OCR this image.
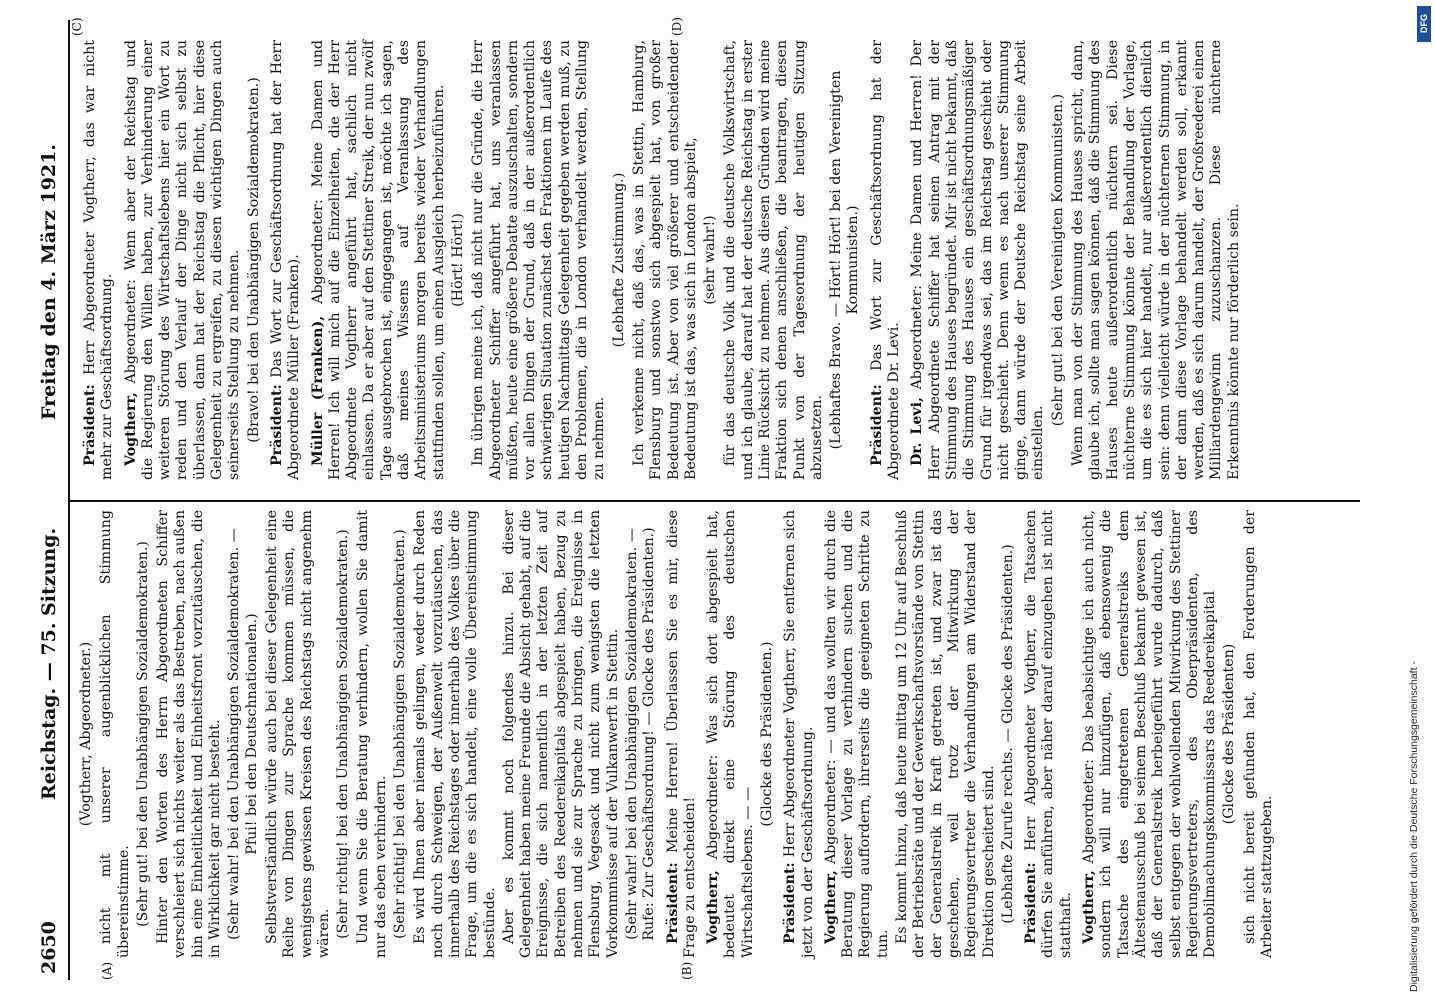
2650
Reichstag. — 75. Sitzung.
Freitag den 4. März 1921.
(A)	(B)
(C)	(D)

(Vogtherr, Abgeordneter.) nicht mit unserer augenblicklichen Stimmung übereinstimme. (Sehr gut! bei den Unabhängigen Sozialdemokraten.) Hinter den Worten des Herrn Abgeordneten Schiffer verschleiert sich nichts weiter als das Bestreben, nach außen hin eine Einheitlichkeit und Einheitsfront vorzutäuschen, die in Wirklichkeit gar nicht besteht. (Sehr wahr! bei den Unabhängigen Sozialdemokraten. — Pfui! bei den Deutschnationalen.) Selbstverständlich würde auch bei dieser Gelegenheit eine Reihe von Dingen zur Sprache kommen müssen, die wenigstens gewissen Kreisen des Reichstags nicht angenehm wären. (Sehr richtig! bei den Unabhängigen Sozialdemokraten.) Und wenn Sie die Beratung verhindern, wollen Sie damit nur das eben verhindern. (Sehr richtig! bei den Unabhängigen Sozialdemokraten.) Es wird Ihnen aber niemals gelingen, weder durch Reden noch durch Schweigen, der Außenwelt vorzutäuschen, das innerhalb des Reichstages oder innerhalb des Volkes über die Frage, um die es sich handelt, eine volle Übereinstimmung bestünde. Aber es kommt noch folgendes hinzu. Bei dieser Gelegenheit haben meine Freunde die Absicht gehabt, auf die Ereignisse, die sich namentlich in der letzten Zeit auf Betreiben des Reedereikapitals abgespielt haben, Bezug zu nehmen und sie zur Sprache zu bringen, die Ereignisse in Flensburg, Vegesack und nicht zum wenigsten die letzten Vorkommnisse auf der Vulkanwerft in Stettin. (Sehr wahr! bei den Unabhängigen Sozialdemokraten. — Rufe: Zur Geschäftsordnung! — Glocke des Präsidenten.) Präsident: Meine Herren! Überlassen Sie es mir, diese Frage zu entscheiden! Vogtherr, Abgeordneter: Was sich dort abgespielt hat, bedeutet direkt eine Störung des deutschen Wirtschaftslebens. — —

(Glocke des Präsidenten.)

Präsident: Herr Abgeordneter Vogtherr, Sie entfernen sich jetzt von der Geschäftsordnung. Vogtherr, Abgeordneter: — und das wollten wir durch die Beratung dieser Vorlage zu verhindern suchen und die Regierung auffordern, ihrerseits die geeigneten Schritte zu tun. Es kommt hinzu, daß heute mittag um 12 Uhr auf Beschluß der Betriebsräte und der Gewerkschaftsvorstände von Stettin der Generalstreik in Kraft getreten ist, und zwar ist das geschehen, weil trotz der Mitwirkung der Regierungsvertreter die Verhandlungen am Widerstand der Direktion gescheitert sind. (Lebhafte Zurufe rechts. — Glocke des Präsidenten.) Präsident: Herr Abgeordneter Vogtherr, die Tatsachen dürfen Sie anführen, aber näher darauf einzugehen ist nicht statthaft. Vogtherr, Abgeordneter: Das beabsichtige ich auch nicht, sondern ich will nur hinzufügen, daß ebensowenig die Tatsache des eingetretenen Generalstreiks dem Ältestenausschuß bei seinem Beschluß bekannt gewesen ist, daß der Generalstreik herbeigeführt wurde dadurch, daß selbst entgegen der wohlwollenden Mitwirkung des Stettiner Regierungsvertreters, des Oberpräsidenten, des Demobilmachungskommissars das Reedereikapital (Glocke des Präsidenten) sich nicht bereit gefunden hat, den Forderungen der Arbeiter stattzugeben.

Präsident: Herr Abgeordneter Vogtherr, das war nicht mehr zur Geschäftsordnung. Vogtherr, Abgeordneter: Wenn aber der Reichstag und die Regierung den Willen haben, zur Verhinderung einer weiteren Störung des Wirtschaftslebens hier ein Wort zu reden und den Verlauf der Dinge nicht sich selbst zu überlassen, dann hat der Reichstag die Pflicht, hier diese Gelegenheit zu ergreifen, zu diesen wichtigen Dingen auch seinerseits Stellung zu nehmen. (Bravo! bei den Unabhängigen Sozialdemokraten.) Präsident: Das Wort zur Geschäftsordnung hat der Herr Abgeordnete Müller (Franken). Müller (Franken), Abgeordneter: Meine Damen und Herren! Ich will mich auf die Einzelheiten, die der Herr Abgeordnete Vogtherr angeführt hat, sachlich nicht einlassen. Da er aber auf den Stettiner Streik, der nun zwölf Tage ausgebrochen ist, eingegangen ist, möchte ich sagen, daß meines Wissens auf Veranlassung des Arbeitsministeriums morgen bereits wieder Verhandlungen stattfinden sollen, um einen Ausgleich herbeizuführen. (Hört! Hört!) Im übrigen meine ich, daß nicht nur die Gründe, die Herr Abgeordneter Schiffer angeführt hat, uns veranlassen müßten, heute eine größere Debatte auszuschalten, sondern vor allen Dingen der Grund, daß in der außerordentlich schwierigen Situation zunächst den Fraktionen im Laufe des heutigen Nachmittags Gelegenheit gegeben werden muß, zu den Problemen, die in London verhandelt werden, Stellung zu nehmen.

(Lebhafte Zustimmung.) Ich verkenne nicht, daß das, was in Stettin, Hamburg, Flensburg und sonstwo sich abgespielt hat, von großer Bedeutung ist. Aber von viel größerer und entscheidender Bedeutung ist das, was sich in London abspielt, (sehr wahr!) für das deutsche Volk und die deutsche Volkswirtschaft, und ich glaube, darauf hat der deutsche Reichstag in erster Linie Rücksicht zu nehmen. Aus diesen Gründen wird meine Fraktion sich denen anschließen, die beantragen, diesen Punkt von der Tagesordnung der heutigen Sitzung abzusetzen. (Lebhaftes Bravo. — Hört! Hört! bei den Vereinigten Kommunisten.)

Präsident: Das Wort zur Geschäftsordnung hat der Abgeordnete Dr. Levi. Dr. Levi, Abgeordneter: Meine Damen und Herren! Der Herr Abgeordnete Schiffer hat seinen Antrag mit der Stimmung des Hauses begründet. Mir ist nicht bekannt, daß die Stimmung des Hauses ein geschäftsordnungsmäßiger Grund für irgendwas sei, das im Reichstag geschieht oder nicht geschieht. Denn wenn es nach unserer Stimmung ginge, dann würde der Deutsche Reichstag seine Arbeit einstellen.

(Sehr gut! bei den Vereinigten Kommunisten.) Wenn man von der Stimmung des Hauses spricht, dann, glaube ich, sollte man sagen können, daß die Stimmung des Hauses heute außerordentlich nüchtern sei. Diese nüchterne Stimmung könnte der Behandlung der Vorlage, um die es sich hier handelt, nur außerordentlich dienlich sein: denn vielleicht würde in der nüchternen Stimmung, in der dann diese Vorlage behandelt werden soll, erkannt werden, daß es sich darum handelt, der Großreederei einen Milliardengewinn zuzuschanzen. Diese nüchterne Erkenntnis könnte nur förderlich sein.

DFG
Digitalisierung gefördert durch die Deutsche Forschungsgemeinschaft -
